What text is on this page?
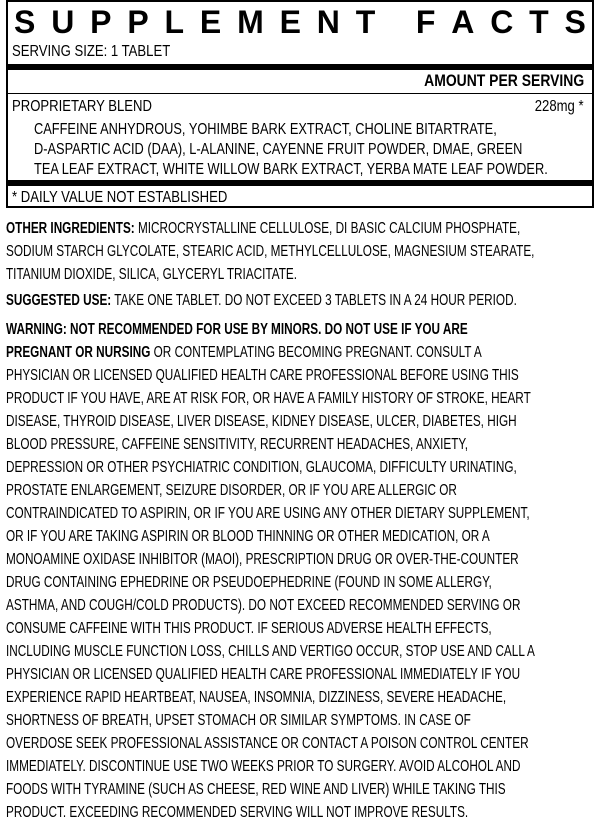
S U P P L E M E N T
F A C T S
SERVING SIZE: 1 TABLET
AMOUNT PER SERVING
PROPRIETARY BLEND	228mg *
CAFFEINE ANHYDROUS, YOHIMBE BARK EXTRACT, CHOLINE BITARTRATE,
D-ASPARTIC ACID (DAA), L-ALANINE, CAYENNE FRUIT POWDER, DMAE, GREEN
TEA LEAF EXTRACT, WHITE WILLOW BARK EXTRACT, YERBA MATE LEAF POWDER.
* DAILY VALUE NOT ESTABLISHED
OTHER INGREDIENTS: MICROCRYSTALLINE CELLULOSE, DI BASIC CALCIUM PHOSPHATE,
SODIUM STARCH GLYCOLATE, STEARIC ACID, METHYLCELLULOSE, MAGNESIUM STEARATE,
TITANIUM DIOXIDE, SILICA, GLYCERYL TRIACITATE.
SUGGESTED USE: TAKE ONE TABLET. DO NOT EXCEED 3 TABLETS IN A 24 HOUR PERIOD.
WARNING: NOT RECOMMENDED FOR USE BY MINORS. DO NOT USE IF YOU ARE
PREGNANT OR NURSING OR CONTEMPLATING BECOMING PREGNANT. CONSULT A
PHYSICIAN OR LICENSED QUALIFIED HEALTH CARE PROFESSIONAL BEFORE USING THIS
PRODUCT IF YOU HAVE, ARE AT RISK FOR, OR HAVE A FAMILY HISTORY OF STROKE, HEART
DISEASE, THYROID DISEASE, LIVER DISEASE, KIDNEY DISEASE, ULCER, DIABETES, HIGH
BLOOD PRESSURE, CAFFEINE SENSITIVITY, RECURRENT HEADACHES, ANXIETY,
DEPRESSION OR OTHER PSYCHIATRIC CONDITION, GLAUCOMA, DIFFICULTY URINATING,
PROSTATE ENLARGEMENT, SEIZURE DISORDER, OR IF YOU ARE ALLERGIC OR
CONTRAINDICATED TO ASPIRIN, OR IF YOU ARE USING ANY OTHER DIETARY SUPPLEMENT,
OR IF YOU ARE TAKING ASPIRIN OR BLOOD THINNING OR OTHER MEDICATION, OR A
MONOAMINE OXIDASE INHIBITOR (MAOI), PRESCRIPTION DRUG OR OVER-THE-COUNTER
DRUG CONTAINING EPHEDRINE OR PSEUDOEPHEDRINE (FOUND IN SOME ALLERGY,
ASTHMA, AND COUGH/COLD PRODUCTS). DO NOT EXCEED RECOMMENDED SERVING OR
CONSUME CAFFEINE WITH THIS PRODUCT. IF SERIOUS ADVERSE HEALTH EFFECTS,
INCLUDING MUSCLE FUNCTION LOSS, CHILLS AND VERTIGO OCCUR, STOP USE AND CALL A
PHYSICIAN OR LICENSED QUALIFIED HEALTH CARE PROFESSIONAL IMMEDIATELY IF YOU
EXPERIENCE RAPID HEARTBEAT, NAUSEA, INSOMNIA, DIZZINESS, SEVERE HEADACHE,
SHORTNESS OF BREATH, UPSET STOMACH OR SIMILAR SYMPTOMS. IN CASE OF
OVERDOSE SEEK PROFESSIONAL ASSISTANCE OR CONTACT A POISON CONTROL CENTER
IMMEDIATELY. DISCONTINUE USE TWO WEEKS PRIOR TO SURGERY. AVOID ALCOHOL AND
FOODS WITH TYRAMINE (SUCH AS CHEESE, RED WINE AND LIVER) WHILE TAKING THIS
PRODUCT. EXCEEDING RECOMMENDED SERVING WILL NOT IMPROVE RESULTS.
